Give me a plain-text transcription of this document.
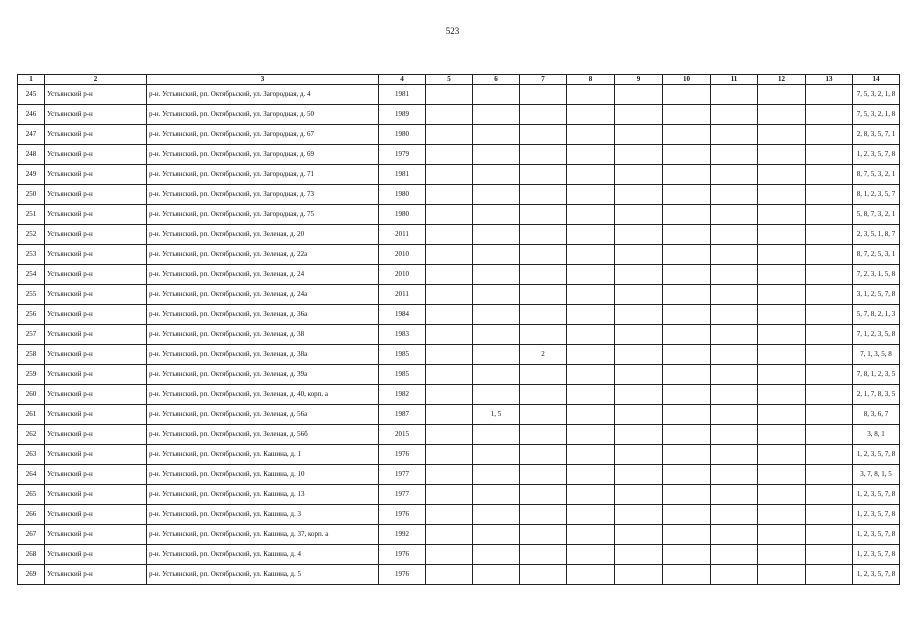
523
1	2	3	4	5	6	7	8	9	10	11	12	13	14
245	Устьянский р-н	р-н. Устьянский, рп. Октябрьский, ул. Загородная, д. 4	1981										7, 5, 3, 2, 1, 8
246	Устьянский р-н	р-н. Устьянский, рп. Октябрьский, ул. Загородная, д. 50	1989										7, 5, 3, 2, 1, 8
247	Устьянский р-н	р-н. Устьянский, рп. Октябрьский, ул. Загородная, д. 67	1980										2, 8, 3, 5, 7, 1
248	Устьянский р-н	р-н. Устьянский, рп. Октябрьский, ул. Загородная, д. 69	1979										1, 2, 3, 5, 7, 8
249	Устьянский р-н	р-н. Устьянский, рп. Октябрьский, ул. Загородная, д. 71	1981										8, 7, 5, 3, 2, 1
250	Устьянский р-н	р-н. Устьянский, рп. Октябрьский, ул. Загородная, д. 73	1980										8, 1, 2, 3, 5, 7
251	Устьянский р-н	р-н. Устьянский, рп. Октябрьский, ул. Загородная, д. 75	1980										5, 8, 7, 3, 2, 1
252	Устьянский р-н	р-н. Устьянский, рп. Октябрьский, ул. Зеленая, д. 20	2011										2, 3, 5, 1, 8, 7
253	Устьянский р-н	р-н. Устьянский, рп. Октябрьский, ул. Зеленая, д. 22а	2010										8, 7, 2, 5, 3, 1
254	Устьянский р-н	р-н. Устьянский, рп. Октябрьский, ул. Зеленая, д. 24	2010										7, 2, 3, 1, 5, 8
255	Устьянский р-н	р-н. Устьянский, рп. Октябрьский, ул. Зеленая, д. 24а	2011										3, 1, 2, 5, 7, 8
256	Устьянский р-н	р-н. Устьянский, рп. Октябрьский, ул. Зеленая, д. 36а	1984										5, 7, 8, 2, 1, 3
257	Устьянский р-н	р-н. Устьянский, рп. Октябрьский, ул. Зеленая, д. 38	1983										7, 1, 2, 3, 5, 8
258	Устьянский р-н	р-н. Устьянский, рп. Октябрьский, ул. Зеленая, д. 38а	1985			2							7, 1, 3, 5, 8
259	Устьянский р-н	р-н. Устьянский, рп. Октябрьский, ул. Зеленая, д. 39а	1985										7, 8, 1, 2, 3, 5
260	Устьянский р-н	р-н. Устьянский, рп. Октябрьский, ул. Зеленая, д. 40, корп. а	1982										2, 1, 7, 8, 3, 5
261	Устьянский р-н	р-н. Устьянский, рп. Октябрьский, ул. Зеленая, д. 56а	1987		1, 5								8, 3, 6, 7
262	Устьянский р-н	р-н. Устьянский, рп. Октябрьский, ул. Зеленая, д. 56б	2015										3, 8, 1
263	Устьянский р-н	р-н. Устьянский, рп. Октябрьский, ул. Кашина, д. 1	1976										1, 2, 3, 5, 7, 8
264	Устьянский р-н	р-н. Устьянский, рп. Октябрьский, ул. Кашина, д. 10	1977										3, 7, 8, 1, 5
265	Устьянский р-н	р-н. Устьянский, рп. Октябрьский, ул. Кашина, д. 13	1977										1, 2, 3, 5, 7, 8
266	Устьянский р-н	р-н. Устьянский, рп. Октябрьский, ул. Кашина, д. 3	1976										1, 2, 3, 5, 7, 8
267	Устьянский р-н	р-н. Устьянский, рп. Октябрьский, ул. Кашина, д. 37, корп. а	1992										1, 2, 3, 5, 7, 8
268	Устьянский р-н	р-н. Устьянский, рп. Октябрьский, ул. Кашина, д. 4	1976										1, 2, 3, 5, 7, 8
269	Устьянский р-н	р-н. Устьянский, рп. Октябрьский, ул. Кашина, д. 5	1976										1, 2, 3, 5, 7, 8
